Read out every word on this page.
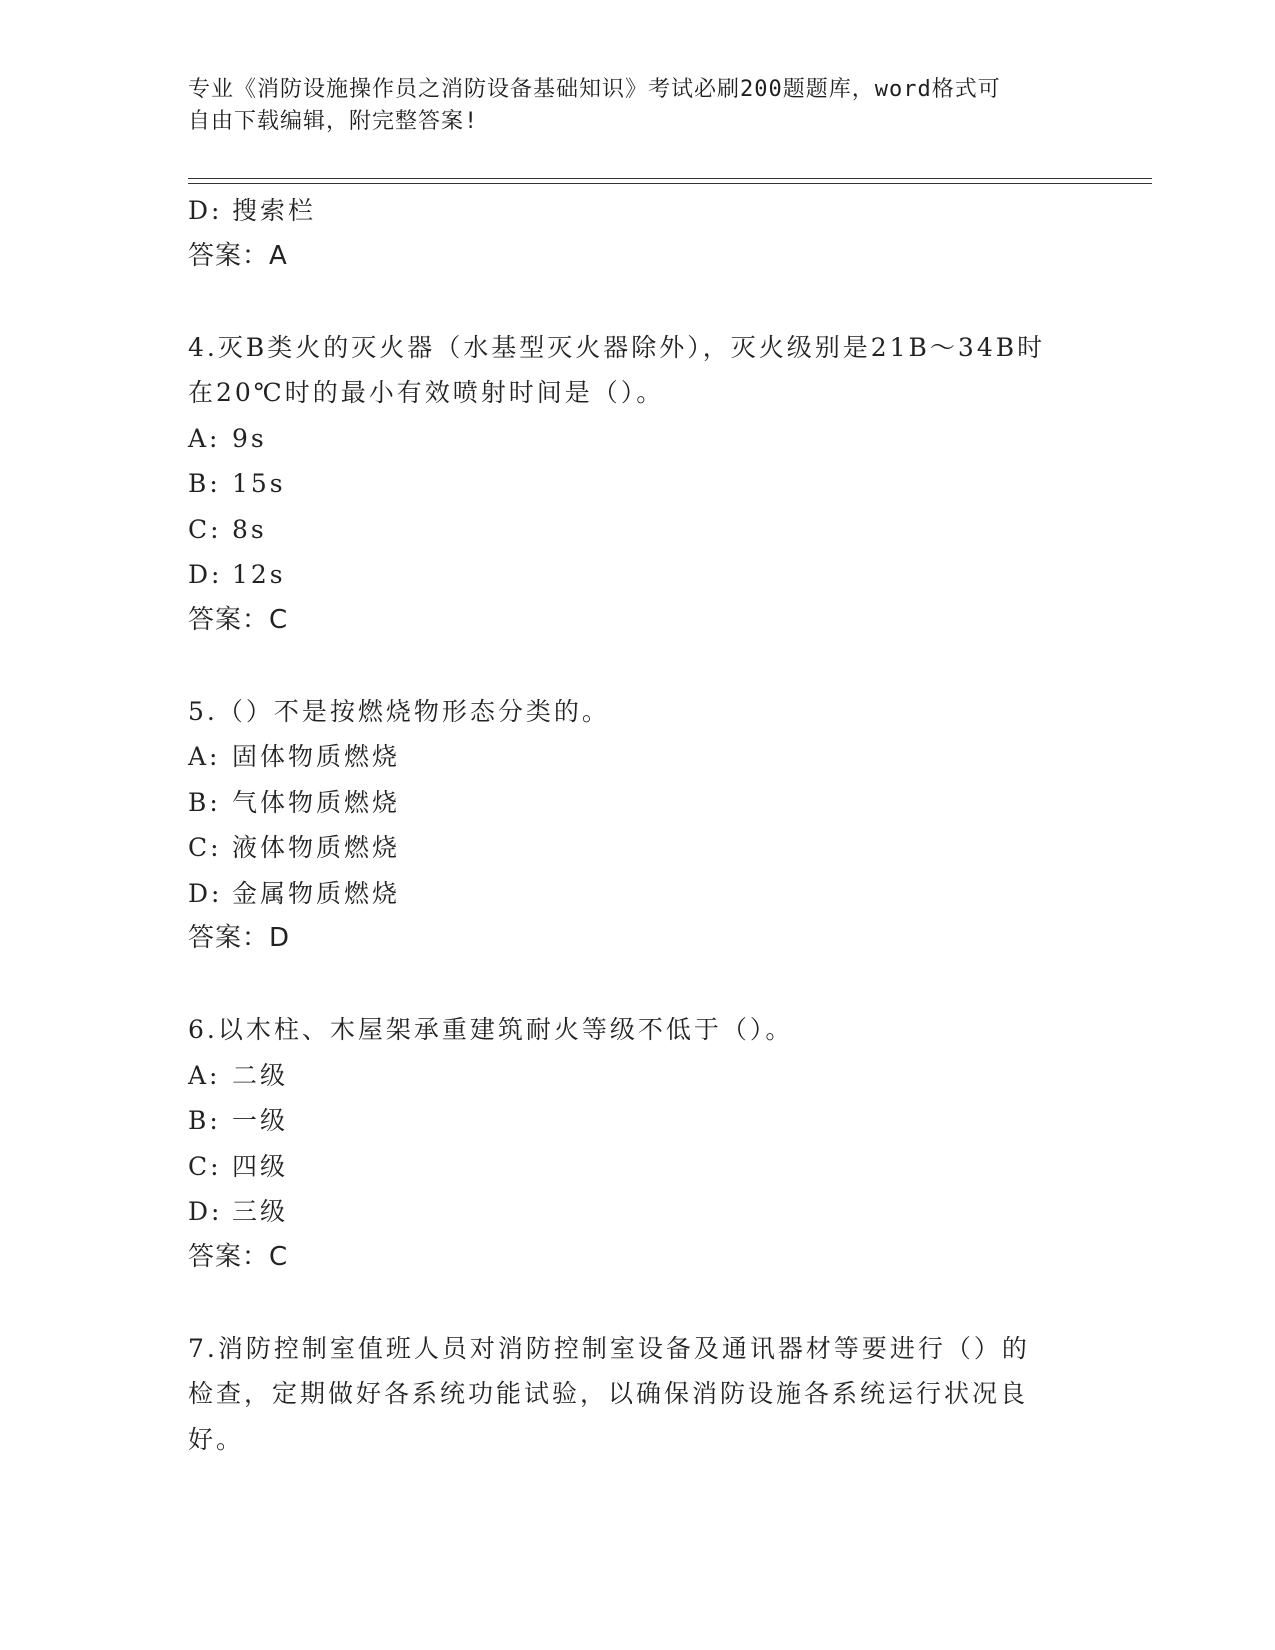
专业《消防设施操作员之消防设备基础知识》考试必刷200题题库，word格式可
自由下载编辑，附完整答案!
D: 搜索栏
答案：A
4.灭B类火的灭火器（水基型灭火器除外），灭火级别是21B～34B时
在20℃时的最小有效喷射时间是（）。
A: 9s
B: 15s
C: 8s
D: 12s
答案：C
5.（）不是按燃烧物形态分类的。
A: 固体物质燃烧
B: 气体物质燃烧
C: 液体物质燃烧
D: 金属物质燃烧
答案：D
6.以木柱、木屋架承重建筑耐火等级不低于（）。
A: 二级
B: 一级
C: 四级
D: 三级
答案：C
7.消防控制室值班人员对消防控制室设备及通讯器材等要进行（）的
检查，定期做好各系统功能试验，以确保消防设施各系统运行状况良
好。
